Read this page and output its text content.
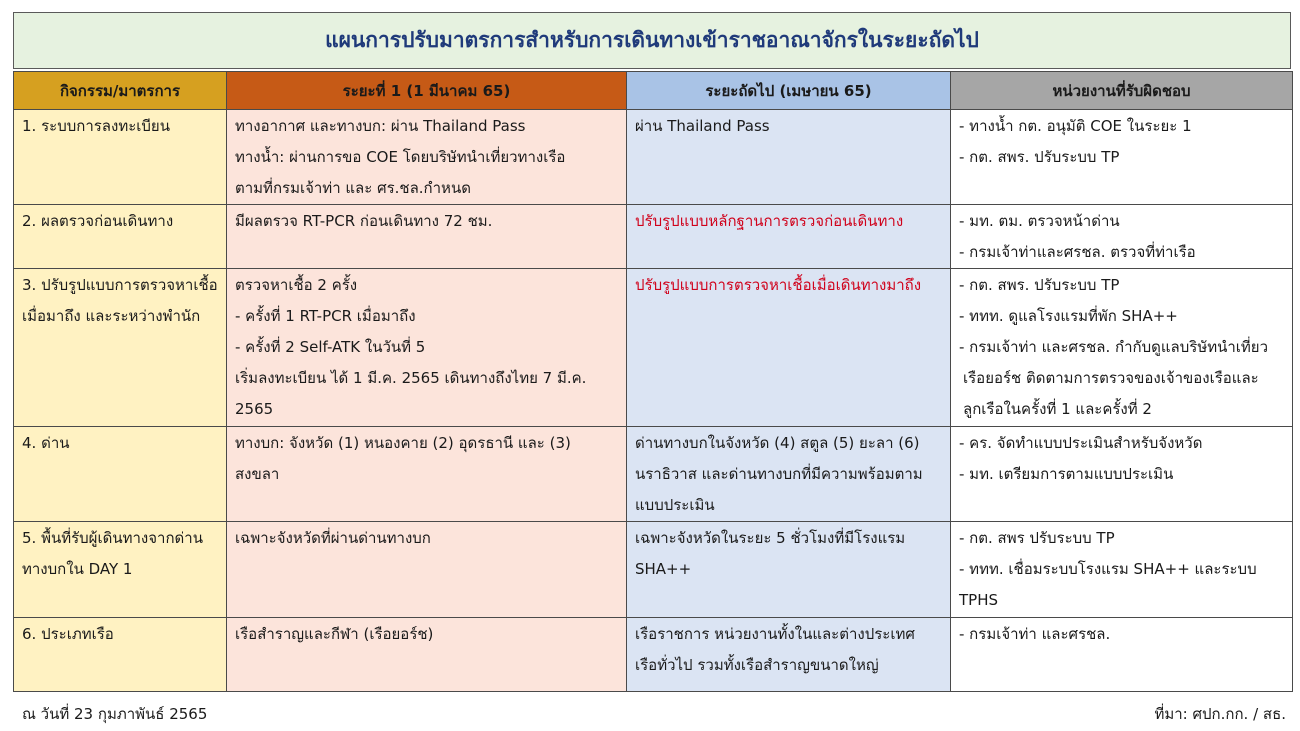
แผนการปรับมาตรการสำหรับการเดินทางเข้าราชอาณาจักรในระยะถัดไป
กิจกรรม/มาตรการ	ระยะที่ 1 (1 มีนาคม 65)	ระยะถัดไป (เมษายน 65)	หน่วยงานที่รับผิดชอบ

1. ระบบการลงทะเบียน	ทางอากาศ และทางบก: ผ่าน Thailand Pass
ทางน้ำ: ผ่านการขอ COE โดยบริษัทนำเที่ยวทางเรือ
ตามที่กรมเจ้าท่า และ ศร.ชล.กำหนด	ผ่าน Thailand Pass	- ทางน้ำ กต. อนุมัติ COE ในระยะ 1
- กต. สพร. ปรับระบบ TP

2. ผลตรวจก่อนเดินทาง	มีผลตรวจ RT-PCR ก่อนเดินทาง 72 ชม.	ปรับรูปแบบหลักฐานการตรวจก่อนเดินทาง	- มท. ตม. ตรวจหน้าด่าน
- กรมเจ้าท่าและศรชล. ตรวจที่ท่าเรือ

3. ปรับรูปแบบการตรวจหาเชื้อ เมื่อมาถึง และระหว่างพำนัก	ตรวจหาเชื้อ 2 ครั้ง
- ครั้งที่ 1 RT-PCR เมื่อมาถึง
- ครั้งที่ 2 Self-ATK ในวันที่ 5
เริ่มลงทะเบียน ได้ 1 มี.ค. 2565 เดินทางถึงไทย 7 มี.ค.
2565	ปรับรูปแบบการตรวจหาเชื้อเมื่อเดินทางมาถึง	- กต. สพร. ปรับระบบ TP
- ททท. ดูแลโรงแรมที่พัก SHA++
- กรมเจ้าท่า และศรชล. กำกับดูแลบริษัทนำเที่ยว
เรือยอร์ช ติดตามการตรวจของเจ้าของเรือและ
ลูกเรือในครั้งที่ 1 และครั้งที่ 2

4. ด่าน	ทางบก: จังหวัด (1) หนองคาย (2) อุดรธานี และ (3)
สงขลา	ด่านทางบกในจังหวัด (4) สตูล (5) ยะลา (6)
นราธิวาส และด่านทางบกที่มีความพร้อมตาม
แบบประเมิน	- คร. จัดทำแบบประเมินสำหรับจังหวัด
- มท. เตรียมการตามแบบประเมิน

5. พื้นที่รับผู้เดินทางจากด่านทางบกใน DAY 1	เฉพาะจังหวัดที่ผ่านด่านทางบก	เฉพาะจังหวัดในระยะ 5 ชั่วโมงที่มีโรงแรม
SHA++	- กต. สพร ปรับระบบ TP
- ททท. เชื่อมระบบโรงแรม SHA++ และระบบ
TPHS

6. ประเภทเรือ	เรือสำราญและกีฬา (เรือยอร์ช)	เรือราชการ หน่วยงานทั้งในและต่างประเทศ
เรือทั่วไป รวมทั้งเรือสำราญขนาดใหญ่	- กรมเจ้าท่า และศรชล.
ณ วันที่ 23 กุมภาพันธ์ 2565	ที่มา: ศปก.กก. / สธ.
